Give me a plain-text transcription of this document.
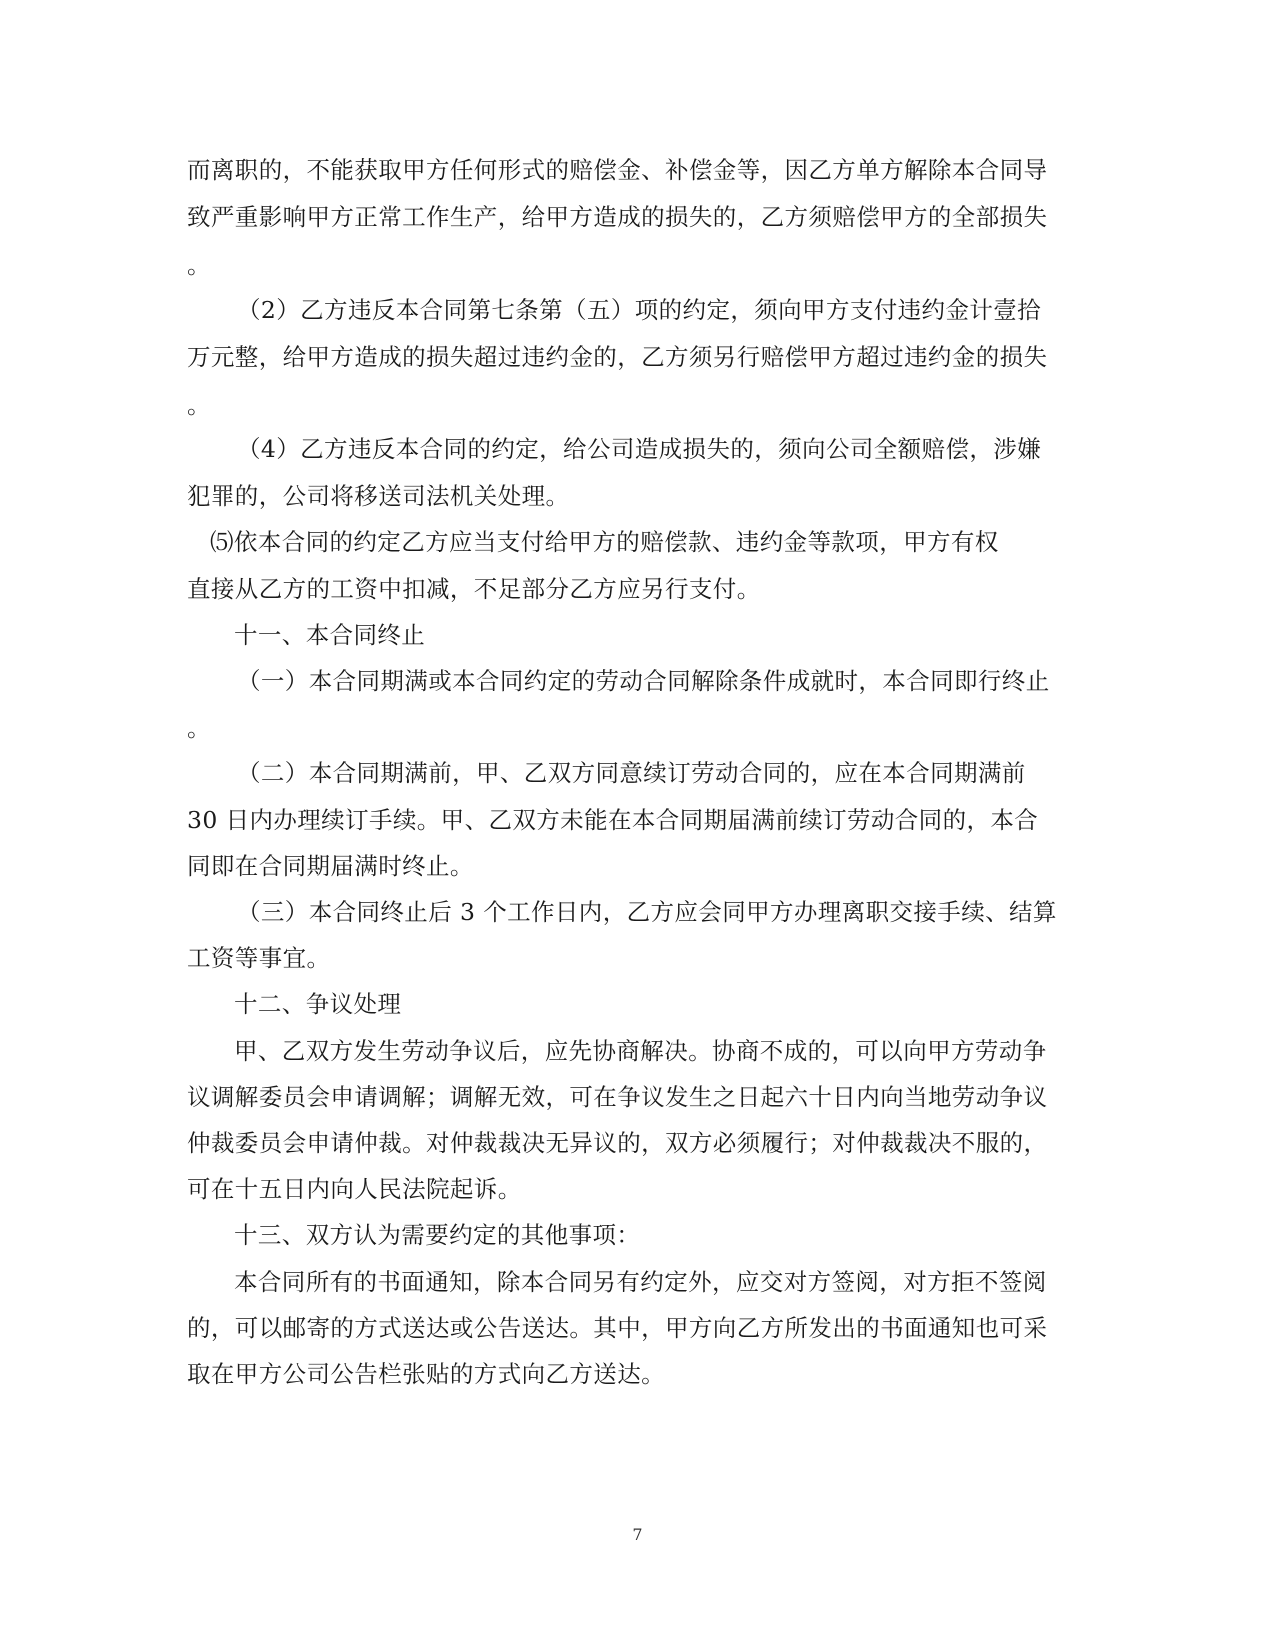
而离职的，不能获取甲方任何形式的赔偿金、补偿金等，因乙方单方解除本合同导
致严重影响甲方正常工作生产，给甲方造成的损失的，乙方须赔偿甲方的全部损失
。
（2）乙方违反本合同第七条第（五）项的约定，须向甲方支付违约金计壹拾
万元整，给甲方造成的损失超过违约金的，乙方须另行赔偿甲方超过违约金的损失
。
（4）乙方违反本合同的约定，给公司造成损失的，须向公司全额赔偿，涉嫌
犯罪的，公司将移送司法机关处理。
⑸依本合同的约定乙方应当支付给甲方的赔偿款、违约金等款项，甲方有权
直接从乙方的工资中扣减，不足部分乙方应另行支付。
十一、本合同终止
（一）本合同期满或本合同约定的劳动合同解除条件成就时，本合同即行终止
。
（二）本合同期满前，甲、乙双方同意续订劳动合同的，应在本合同期满前
30 日内办理续订手续。甲、乙双方未能在本合同期届满前续订劳动合同的，本合
同即在合同期届满时终止。
（三）本合同终止后 3 个工作日内，乙方应会同甲方办理离职交接手续、结算
工资等事宜。
十二、争议处理
甲、乙双方发生劳动争议后，应先协商解决。协商不成的，可以向甲方劳动争
议调解委员会申请调解；调解无效，可在争议发生之日起六十日内向当地劳动争议
仲裁委员会申请仲裁。对仲裁裁决无异议的，双方必须履行；对仲裁裁决不服的，
可在十五日内向人民法院起诉。
十三、双方认为需要约定的其他事项：
本合同所有的书面通知，除本合同另有约定外，应交对方签阅，对方拒不签阅
的，可以邮寄的方式送达或公告送达。其中，甲方向乙方所发出的书面通知也可采
取在甲方公司公告栏张贴的方式向乙方送达。
7
